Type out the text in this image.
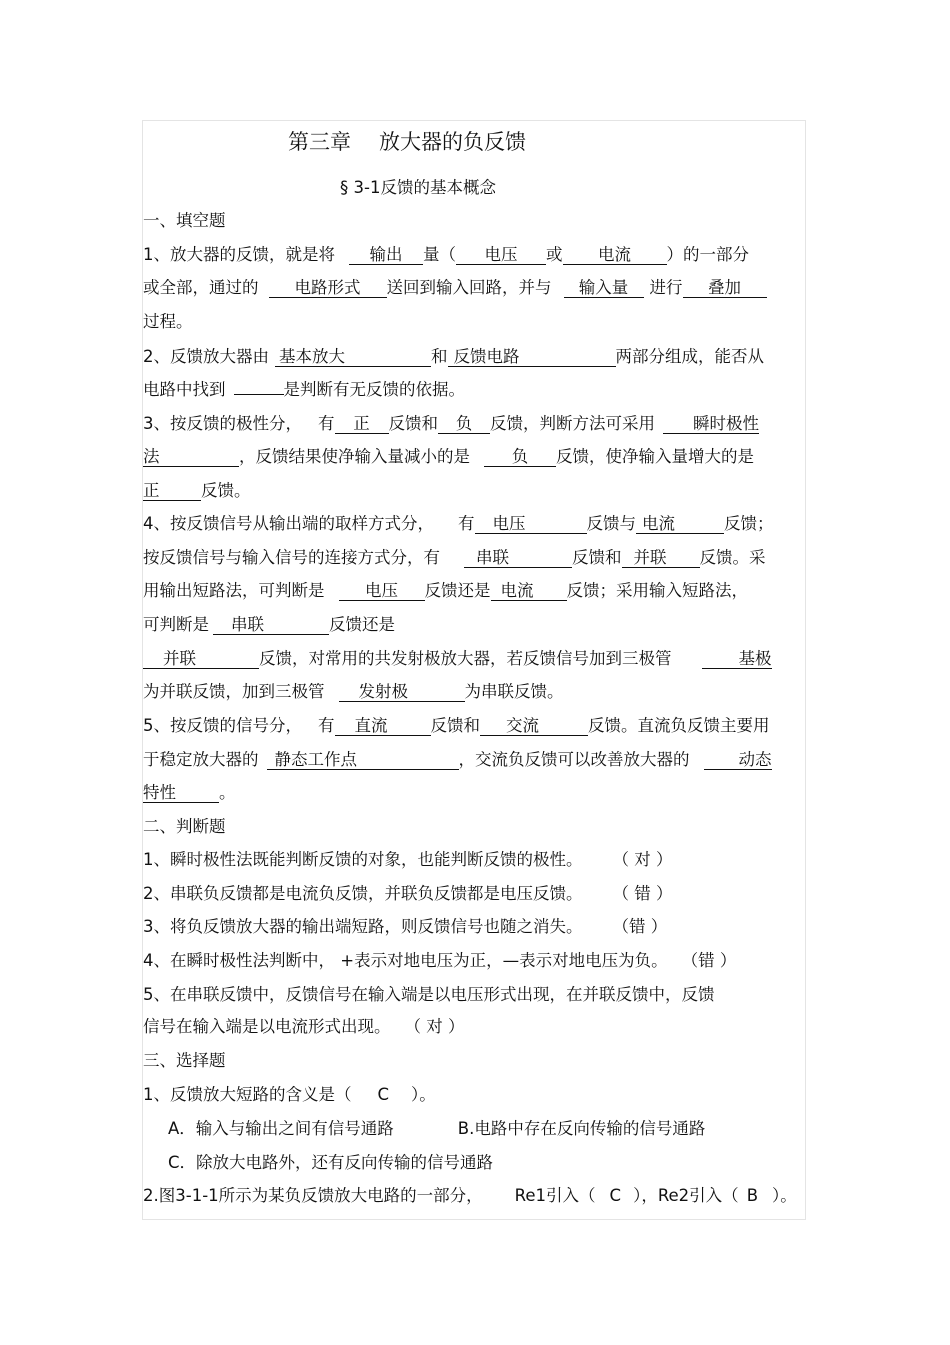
第三章 放大器的负反馈
§ 3-1反馈的基本概念
一、填空题
1、放大器的反馈，就是将 输出 量（ 电压 或 电流 ）的一部分
或全部，通过的 电路形式 送回到输入回路，并与 输入量 进行 叠加
过程。
2、反馈放大器由 基本放大	和 反馈电路	两部分组成，能否从
电路中找到	是判断有无反馈的依据。
3、按反馈的极性分， 有 正 反馈和 负 反馈，判断方法可采用 瞬时极性
法	，反馈结果使净输入量减小的是	负 反馈，使净输入量增大的是
正	反馈。
4、按反馈信号从输出端的取样方式分， 有 电压	反馈与 电流	反馈；
按反馈信号与输入信号的连接方式分，有 串联	反馈和 并联 反馈。采
用输出短路法，可判断是 电压 反馈还是 电流 反馈；采用输入短路法，
可判断是 串联	反馈还是
并联	反馈，对常用的共发射极放大器，若反馈信号加到三极管	基极
为并联反馈，加到三极管 发射极	为串联反馈。
5、按反馈的信号分， 有 直流	反馈和 交流	反馈。直流负反馈主要用
于稳定放大器的 静态工作点	，交流负反馈可以改善放大器的	动态
特性	。
二、判断题
1、瞬时极性法既能判断反馈的对象，也能判断反馈的极性。 （ 对 ）
2、串联负反馈都是电流负反馈，并联负反馈都是电压反馈。 （ 错 ）
3、将负反馈放大器的输出端短路，则反馈信号也随之消失。 （错 ）
4、在瞬时极性法判断中， +表示对地电压为正，—表示对地电压为负。 （错 ）
5、在串联反馈中，反馈信号在输入端是以电压形式出现，在并联反馈中，反馈
信号在输入端是以电流形式出现。 （ 对 ）
三、选择题
1、反馈放大短路的含义是（ C ）。
A．输入与输出之间有信号通路	B.电路中存在反向传输的信号通路
C．除放大电路外，还有反向传输的信号通路
2.图3-1-1所示为某负反馈放大电路的一部分， Re1引入（ C ），Re2引入（ B ）。
